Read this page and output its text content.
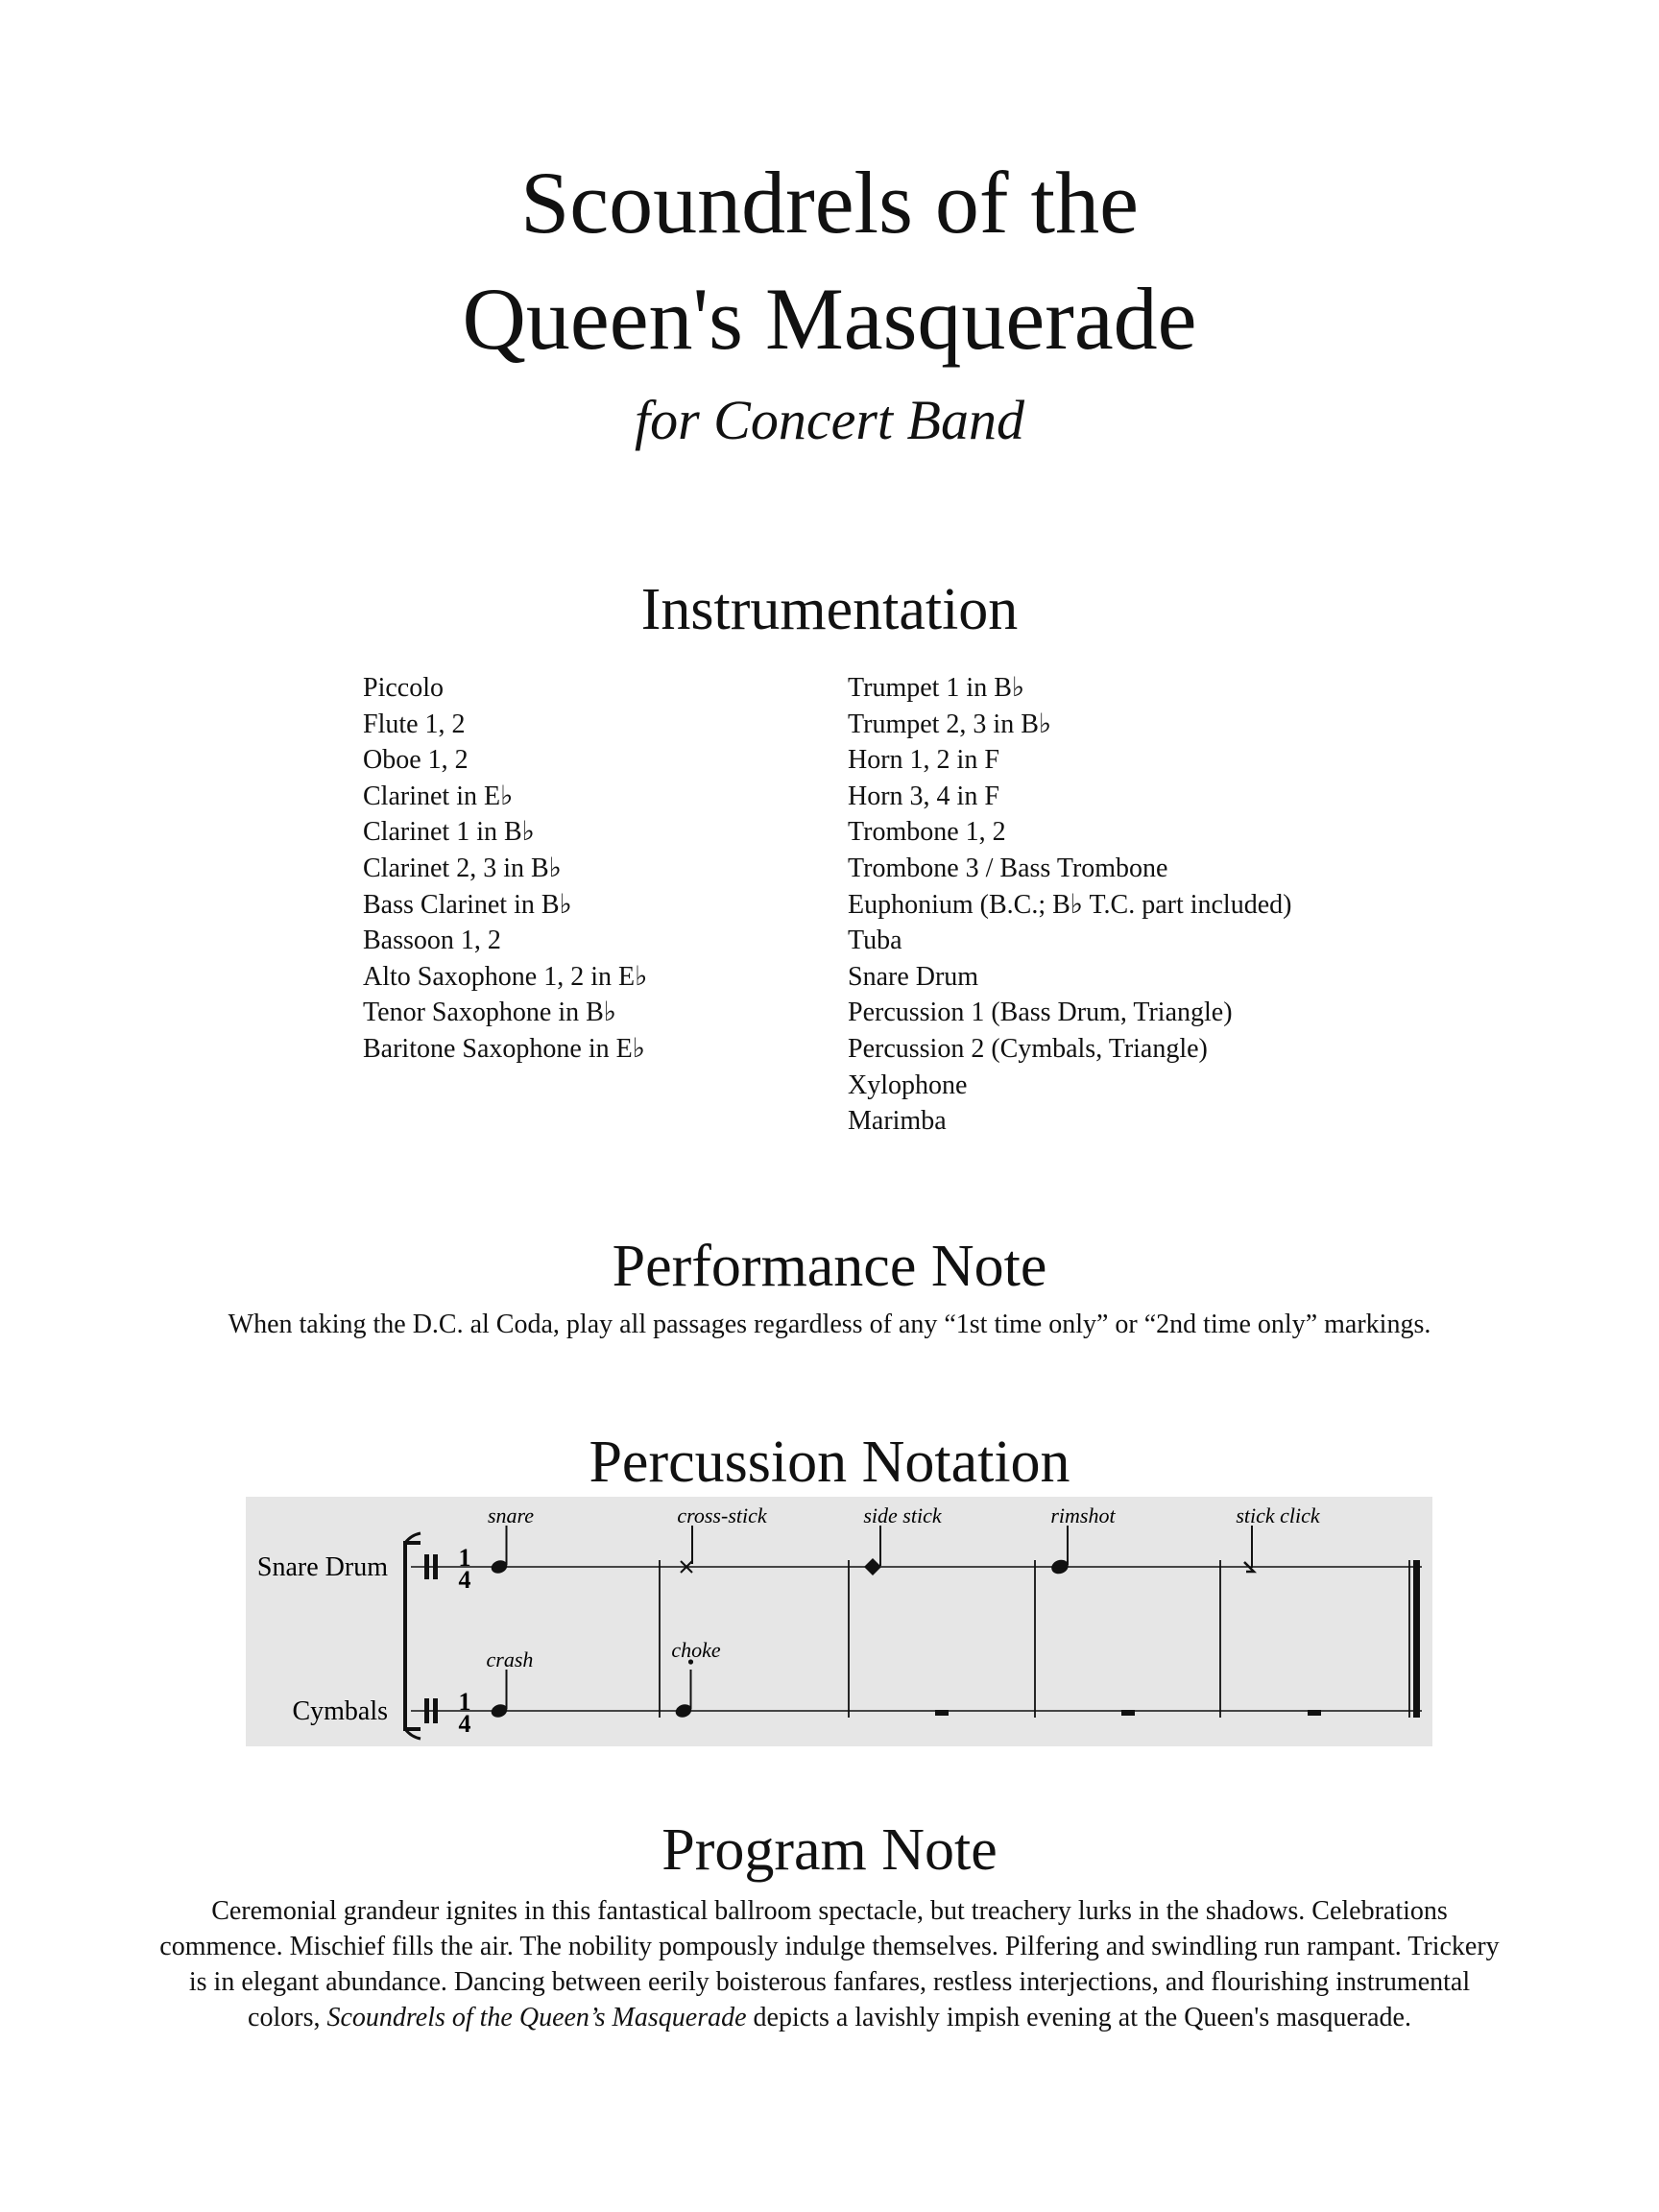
Scoundrels of the
Queen's Masquerade
for Concert Band
Instrumentation
Piccolo
Flute 1, 2
Oboe 1, 2
Clarinet in E♭
Clarinet 1 in B♭
Clarinet 2, 3 in B♭
Bass Clarinet in B♭
Bassoon 1, 2
Alto Saxophone 1, 2 in E♭
Tenor Saxophone in B♭
Baritone Saxophone in E♭
Trumpet 1 in B♭
Trumpet 2, 3 in B♭
Horn 1, 2 in F
Horn 3, 4 in F
Trombone 1, 2
Trombone 3 / Bass Trombone
Euphonium (B.C.; B♭ T.C. part included)
Tuba
Snare Drum
Percussion 1 (Bass Drum, Triangle)
Percussion 2 (Cymbals, Triangle)
Xylophone
Marimba
Performance Note
When taking the D.C. al Coda, play all passages regardless of any “1st time only” or “2nd time only” markings.
Percussion Notation
Snare Drum
Cymbals
1
4
1
4
snare	cross-stick	side stick	rimshot	stick click
crash	choke
Program Note
Ceremonial grandeur ignites in this fantastical ballroom spectacle, but treachery lurks in the shadows. Celebrations commence. Mischief fills the air. The nobility pompously indulge themselves. Pilfering and swindling run rampant. Trickery is in elegant abundance. Dancing between eerily boisterous fanfares, restless interjections, and flourishing instrumental colors, Scoundrels of the Queen’s Masquerade depicts a lavishly impish evening at the Queen's masquerade.
